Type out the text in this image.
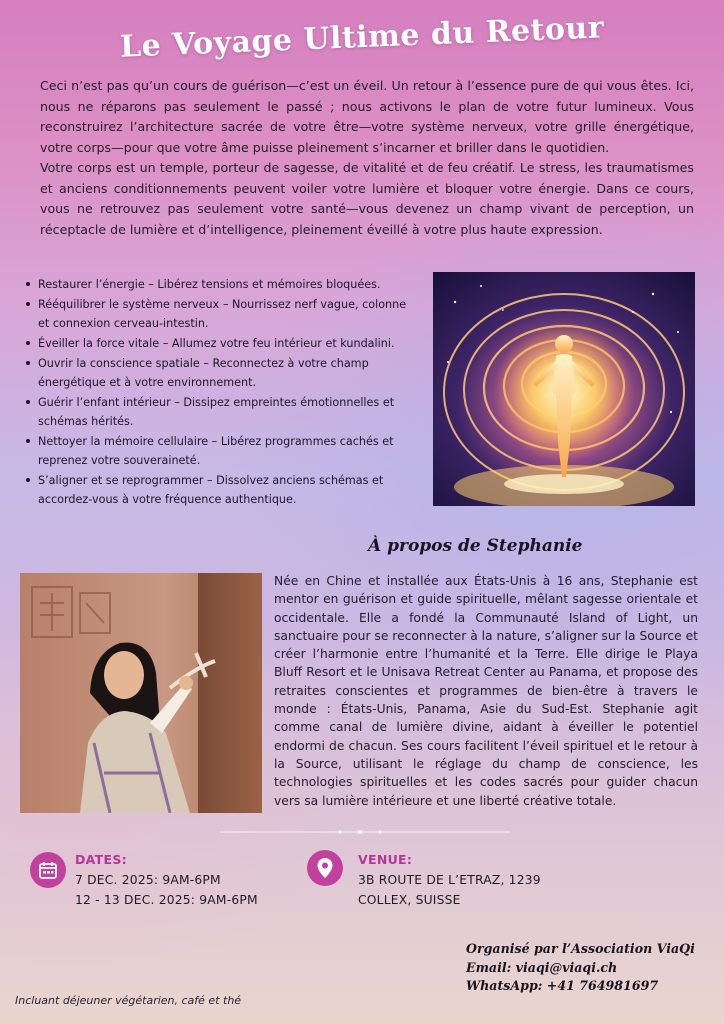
Le Voyage Ultime du Retour

Ceci n’est pas qu’un cours de guérison—c’est un éveil. Un retour à l’essence pure de qui vous êtes. Ici, nous ne réparons pas seulement le passé ; nous activons le plan de votre futur lumineux. Vous reconstruirez l’architecture sacrée de votre être—votre système nerveux, votre grille énergétique, votre corps—pour que votre âme puisse pleinement s’incarner et briller dans le quotidien.

Votre corps est un temple, porteur de sagesse, de vitalité et de feu créatif. Le stress, les traumatismes et anciens conditionnements peuvent voiler votre lumière et bloquer votre énergie. Dans ce cours, vous ne retrouvez pas seulement votre santé—vous devenez un champ vivant de perception, un réceptacle de lumière et d’intelligence, pleinement éveillé à votre plus haute expression.

Restaurer l’énergie – Libérez tensions et mémoires bloquées.
Rééquilibrer le système nerveux – Nourrissez nerf vague, colonne et connexion cerveau-intestin.
Éveiller la force vitale – Allumez votre feu intérieur et kundalini.
Ouvrir la conscience spatiale – Reconnectez à votre champ énergétique et à votre environnement.
Guérir l’enfant intérieur – Dissipez empreintes émotionnelles et schémas hérités.
Nettoyer la mémoire cellulaire – Libérez programmes cachés et reprenez votre souveraineté.
S’aligner et se reprogrammer – Dissolvez anciens schémas et accordez-vous à votre fréquence authentique.
À propos de Stephanie
Née en Chine et installée aux États-Unis à 16 ans, Stephanie est mentor en guérison et guide spirituelle, mêlant sagesse orientale et occidentale. Elle a fondé la Communauté Island of Light, un sanctuaire pour se reconnecter à la nature, s’aligner sur la Source et créer l’harmonie entre l’humanité et la Terre. Elle dirige le Playa Bluff Resort et le Unisava Retreat Center au Panama, et propose des retraites conscientes et programmes de bien-être à travers le monde : États-Unis, Panama, Asie du Sud-Est. Stephanie agit comme canal de lumière divine, aidant à éveiller le potentiel endormi de chacun. Ses cours facilitent l’éveil spirituel et le retour à la Source, utilisant le réglage du champ de conscience, les technologies spirituelles et les codes sacrés pour guider chacun vers sa lumière intérieure et une liberté créative totale.
DATES:
7 DEC. 2025: 9AM-6PM
12 - 13 DEC. 2025: 9AM-6PM
VENUE:
3B ROUTE DE L’ETRAZ, 1239
COLLEX, SUISSE
Organisé par l’Association ViaQi
Email: viaqi@viaqi.ch
WhatsApp: +41 764981697
Incluant déjeuner végétarien, café et thé
